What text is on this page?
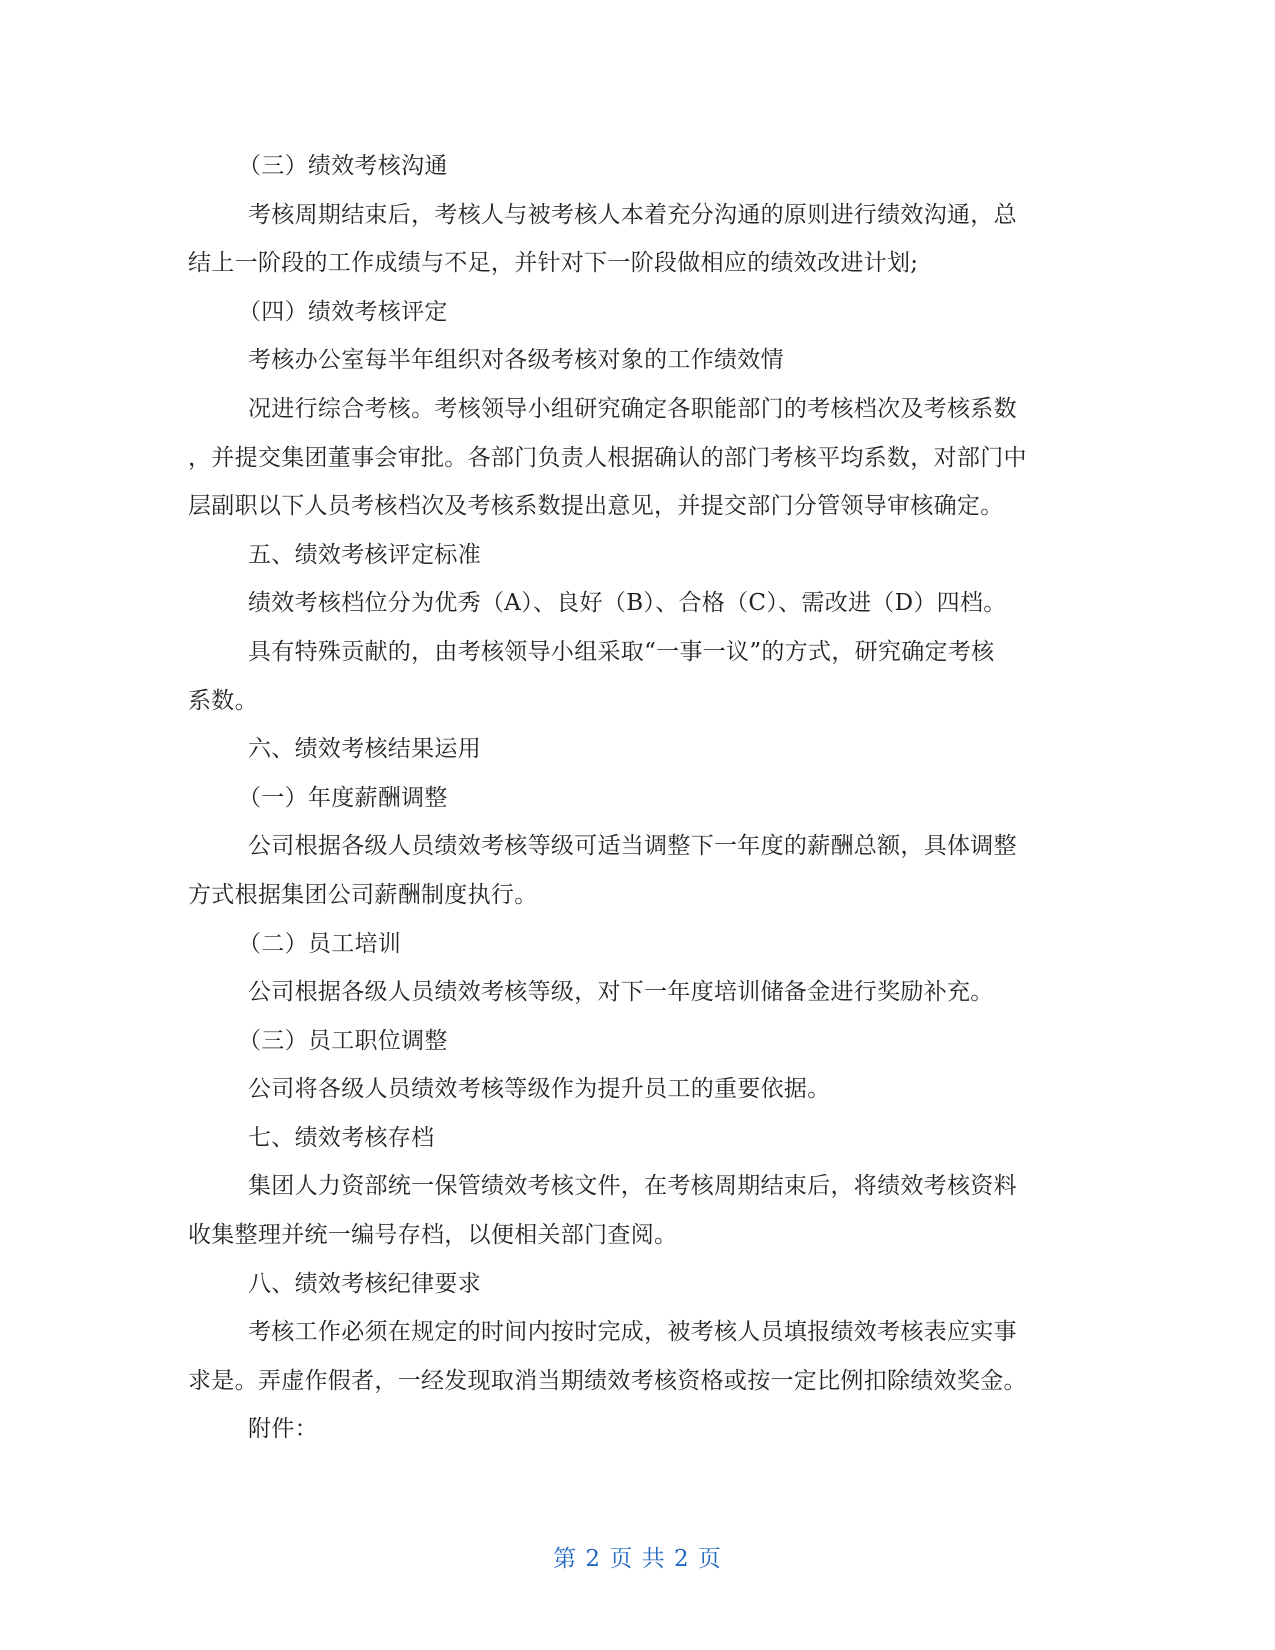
（三）绩效考核沟通
考核周期结束后，考核人与被考核人本着充分沟通的原则进行绩效沟通，总
结上一阶段的工作成绩与不足，并针对下一阶段做相应的绩效改进计划;
（四）绩效考核评定
考核办公室每半年组织对各级考核对象的工作绩效情
况进行综合考核。考核领导小组研究确定各职能部门的考核档次及考核系数
，并提交集团董事会审批。各部门负责人根据确认的部门考核平均系数，对部门中
层副职以下人员考核档次及考核系数提出意见，并提交部门分管领导审核确定。
五、绩效考核评定标准
绩效考核档位分为优秀（A）、良好（B）、合格（C）、需改进（D）四档。
具有特殊贡献的，由考核领导小组采取“一事一议”的方式，研究确定考核
系数。
六、绩效考核结果运用
（一）年度薪酬调整
公司根据各级人员绩效考核等级可适当调整下一年度的薪酬总额，具体调整
方式根据集团公司薪酬制度执行。
（二）员工培训
公司根据各级人员绩效考核等级，对下一年度培训储备金进行奖励补充。
（三）员工职位调整
公司将各级人员绩效考核等级作为提升员工的重要依据。
七、绩效考核存档
集团人力资部统一保管绩效考核文件，在考核周期结束后，将绩效考核资料
收集整理并统一编号存档，以便相关部门查阅。
八、绩效考核纪律要求
考核工作必须在规定的时间内按时完成，被考核人员填报绩效考核表应实事
求是。弄虚作假者，一经发现取消当期绩效考核资格或按一定比例扣除绩效奖金。
附件：
第 2 页 共 2 页
